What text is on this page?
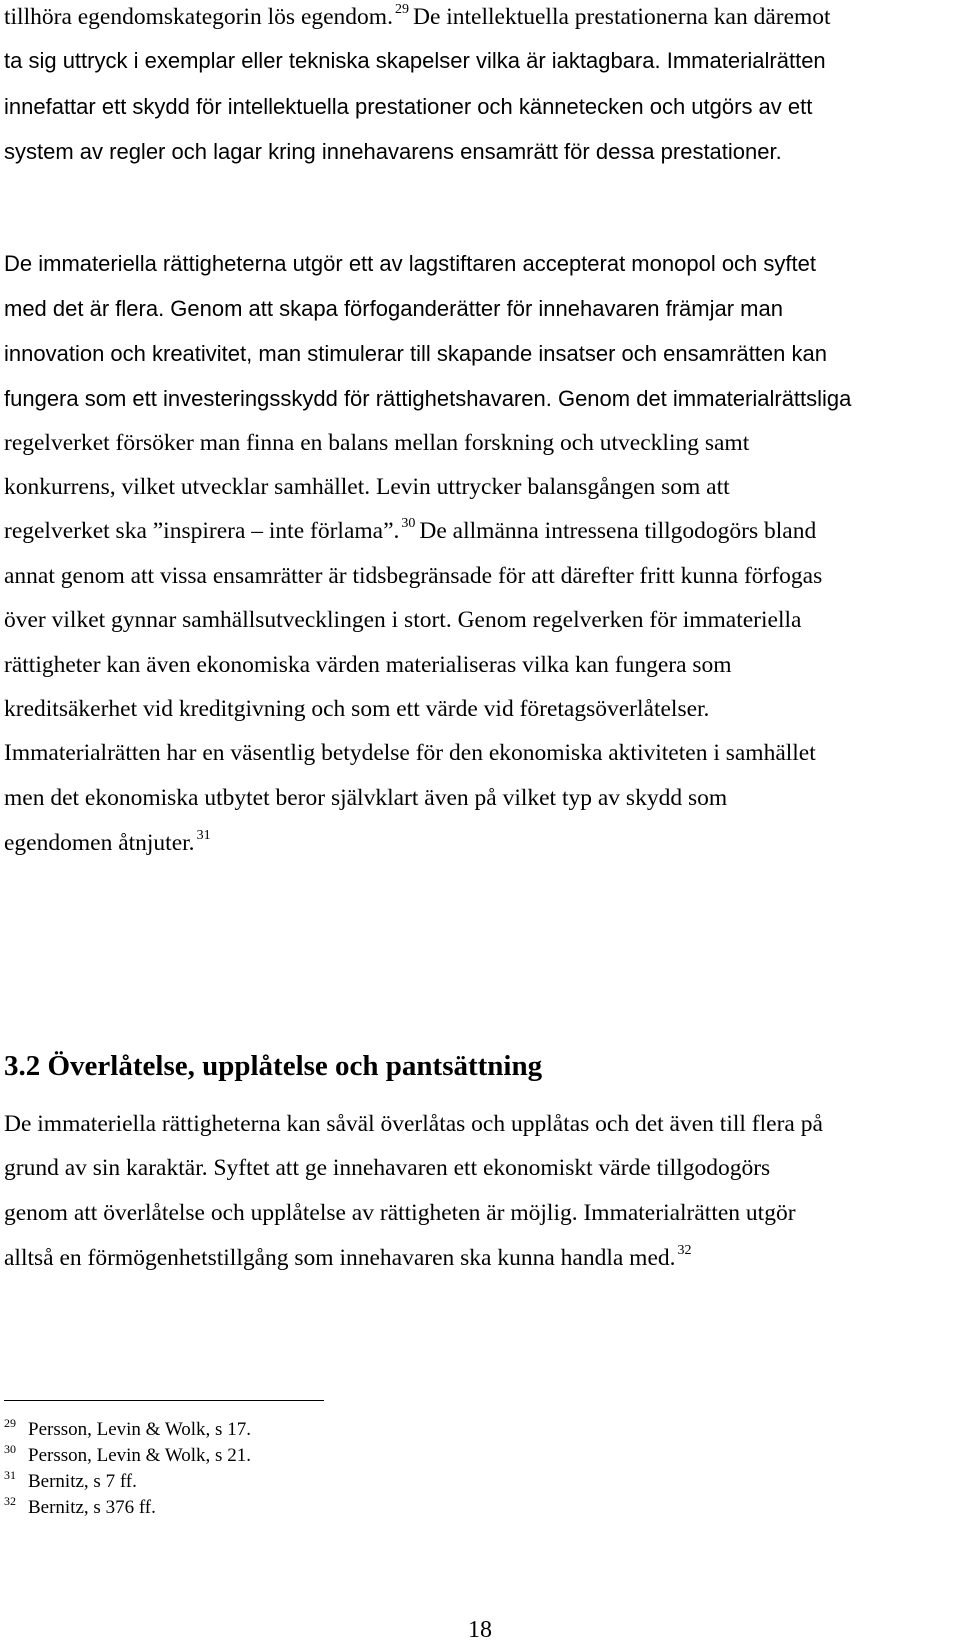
tillhöra egendomskategorin lös egendom. $^{29}$ De intellektuella prestationerna kan däremot

ta sig uttryck i exemplar eller tekniska skapelser vilka är iaktagbara. Immaterialrätten

innefattar ett skydd för intellektuella prestationer och kännetecken och utgörs av ett

system av regler och lagar kring innehavarens ensamrätt för dessa prestationer.

De immateriella rättigheterna utgör ett av lagstiftaren accepterat monopol och syftet

med det är flera. Genom att skapa förfoganderätter för innehavaren främjar man

innovation och kreativitet, man stimulerar till skapande insatser och ensamrätten kan

fungera som ett investeringsskydd för rättighetshavaren. Genom det immaterialrättsliga

regelverket försöker man finna en balans mellan forskning och utveckling samt

konkurrens, vilket utvecklar samhället. Levin uttrycker balansgången som att

regelverket ska ”inspirera – inte förlama”. $^{30}$ De allmänna intressena tillgodogörs bland

annat genom att vissa ensamrätter är tidsbegränsade för att därefter fritt kunna förfogas

över vilket gynnar samhällsutvecklingen i stort. Genom regelverken för immateriella

rättigheter kan även ekonomiska värden materialiseras vilka kan fungera som

kreditsäkerhet vid kreditgivning och som ett värde vid företagsöverlåtelser.

Immaterialrätten har en väsentlig betydelse för den ekonomiska aktiviteten i samhället

men det ekonomiska utbytet beror självklart även på vilket typ av skydd som

egendomen åtnjuter. $^{31}$

3.2 Överlåtelse, upplåtelse och pantsättning

De immateriella rättigheterna kan såväl överlåtas och upplåtas och det även till flera på

grund av sin karaktär. Syftet att ge innehavaren ett ekonomiskt värde tillgodogörs

genom att överlåtelse och upplåtelse av rättigheten är möjlig. Immaterialrätten utgör

alltså en förmögenhetstillgång som innehavaren ska kunna handla med. $^{32}$

29 Persson, Levin & Wolk, s 17.

30 Persson, Levin & Wolk, s 21.

31 Bernitz, s 7 ff.

32 Bernitz, s 376 ff.

18
